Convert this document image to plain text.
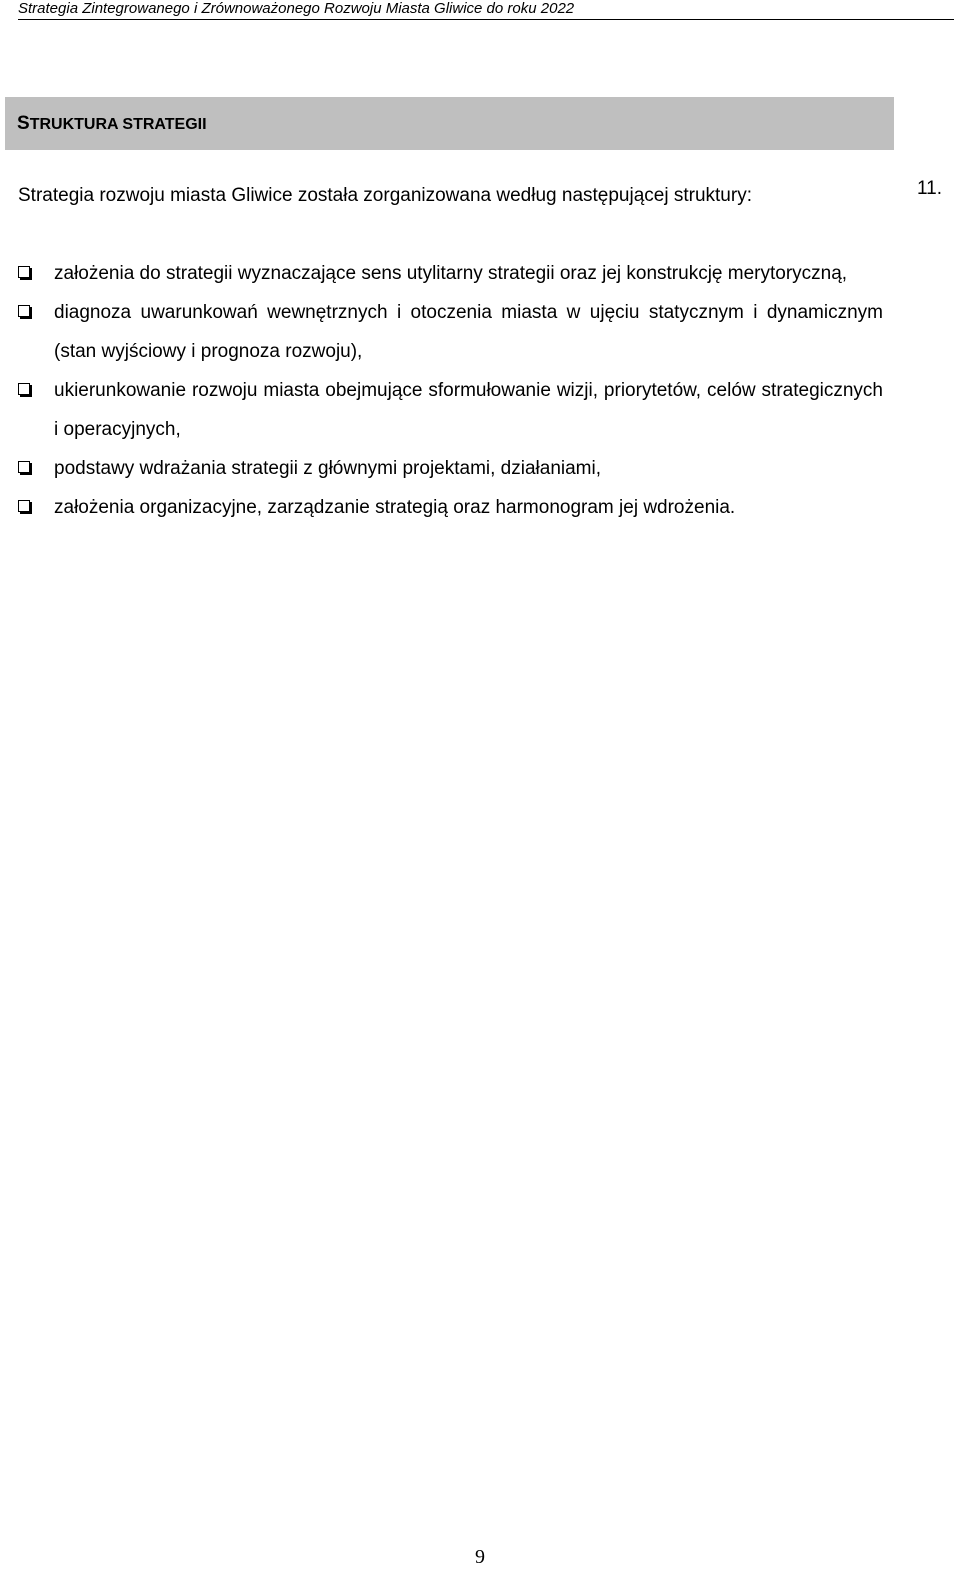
Strategia Zintegrowanego i Zrównoważonego Rozwoju Miasta Gliwice do roku 2022
STRUKTURA STRATEGII
11.

Strategia rozwoju miasta Gliwice została zorganizowana według następującej struktury:

założenia do strategii wyznaczające sens utylitarny strategii oraz jej konstrukcję merytoryczną,
diagnoza uwarunkowań wewnętrznych i otoczenia miasta w ujęciu statycznym i dynamicznym (stan wyjściowy i prognoza rozwoju),
ukierunkowanie rozwoju miasta obejmujące sformułowanie wizji, priorytetów, celów strategicznych i operacyjnych,
podstawy wdrażania strategii z głównymi projektami, działaniami,
założenia organizacyjne, zarządzanie strategią oraz harmonogram jej wdrożenia.
9
